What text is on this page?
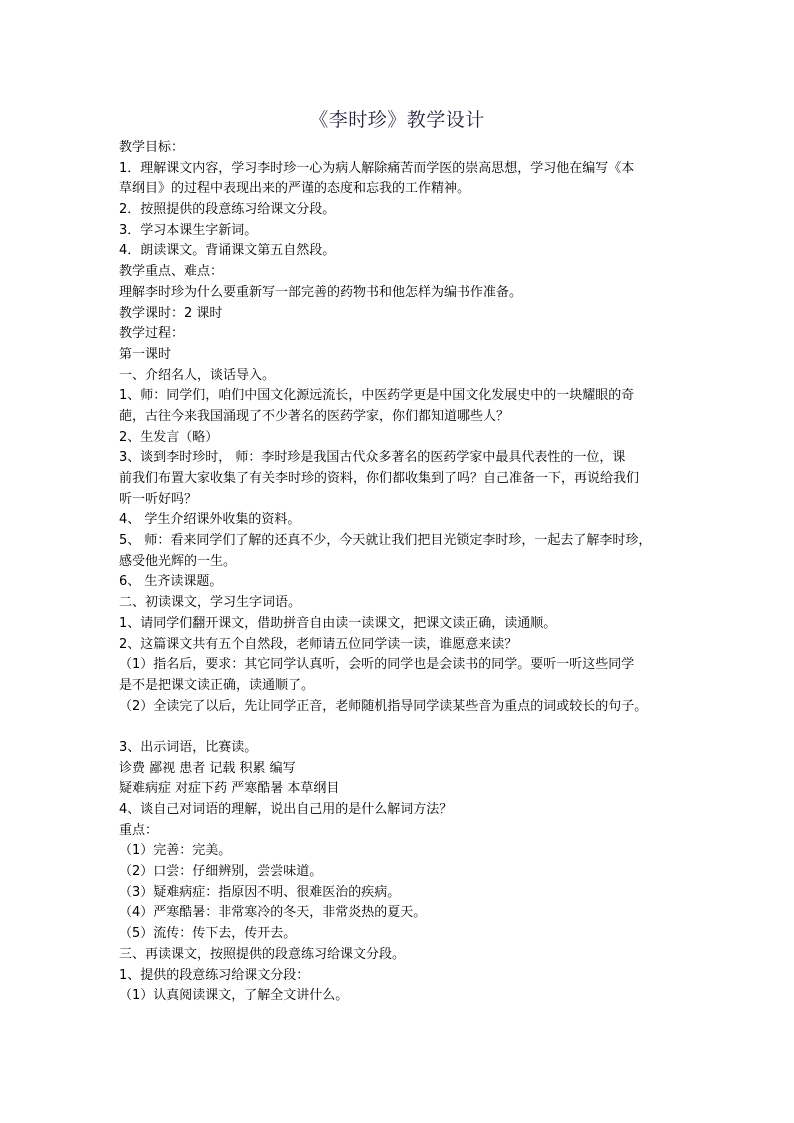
《李时珍》教学设计
教学目标：
1．理解课文内容，学习李时珍一心为病人解除痛苦而学医的崇高思想，学习他在编写《本
草纲目》的过程中表现出来的严谨的态度和忘我的工作精神。
2．按照提供的段意练习给课文分段。
3．学习本课生字新词。
4．朗读课文。背诵课文第五自然段。
教学重点、难点：
理解李时珍为什么要重新写一部完善的药物书和他怎样为编书作准备。
教学课时：2 课时
教学过程：
第一课时
一、介绍名人，谈话导入。
1、师：同学们，咱们中国文化源远流长，中医药学更是中国文化发展史中的一块耀眼的奇
葩，古往今来我国涌现了不少著名的医药学家，你们都知道哪些人？
2、生发言（略）
3、谈到李时珍时， 师：李时珍是我国古代众多著名的医药学家中最具代表性的一位，课
前我们布置大家收集了有关李时珍的资料，你们都收集到了吗？自己准备一下，再说给我们
听一听好吗？
4、 学生介绍课外收集的资料。
5、 师：看来同学们了解的还真不少，今天就让我们把目光锁定李时珍，一起去了解李时珍，
感受他光辉的一生。
6、 生齐读课题。
二、初读课文，学习生字词语。
1、请同学们翻开课文，借助拼音自由读一读课文，把课文读正确，读通顺。
2、这篇课文共有五个自然段，老师请五位同学读一读，谁愿意来读？
（1）指名后，要求：其它同学认真听，会听的同学也是会读书的同学。要听一听这些同学
是不是把课文读正确，读通顺了。
（2）全读完了以后，先让同学正音，老师随机指导同学读某些音为重点的词或较长的句子。
3、出示词语，比赛读。
诊费 鄙视 患者 记载 积累 编写
疑难病症 对症下药 严寒酷暑 本草纲目
4、谈自己对词语的理解，说出自己用的是什么解词方法？
重点：
（1）完善：完美。
（2）口尝：仔细辨别，尝尝味道。
（3）疑难病症：指原因不明、很难医治的疾病。
（4）严寒酷暑：非常寒冷的冬天，非常炎热的夏天。
（5）流传：传下去，传开去。
三、再读课文，按照提供的段意练习给课文分段。
1、提供的段意练习给课文分段：
（1）认真阅读课文，了解全文讲什么。
